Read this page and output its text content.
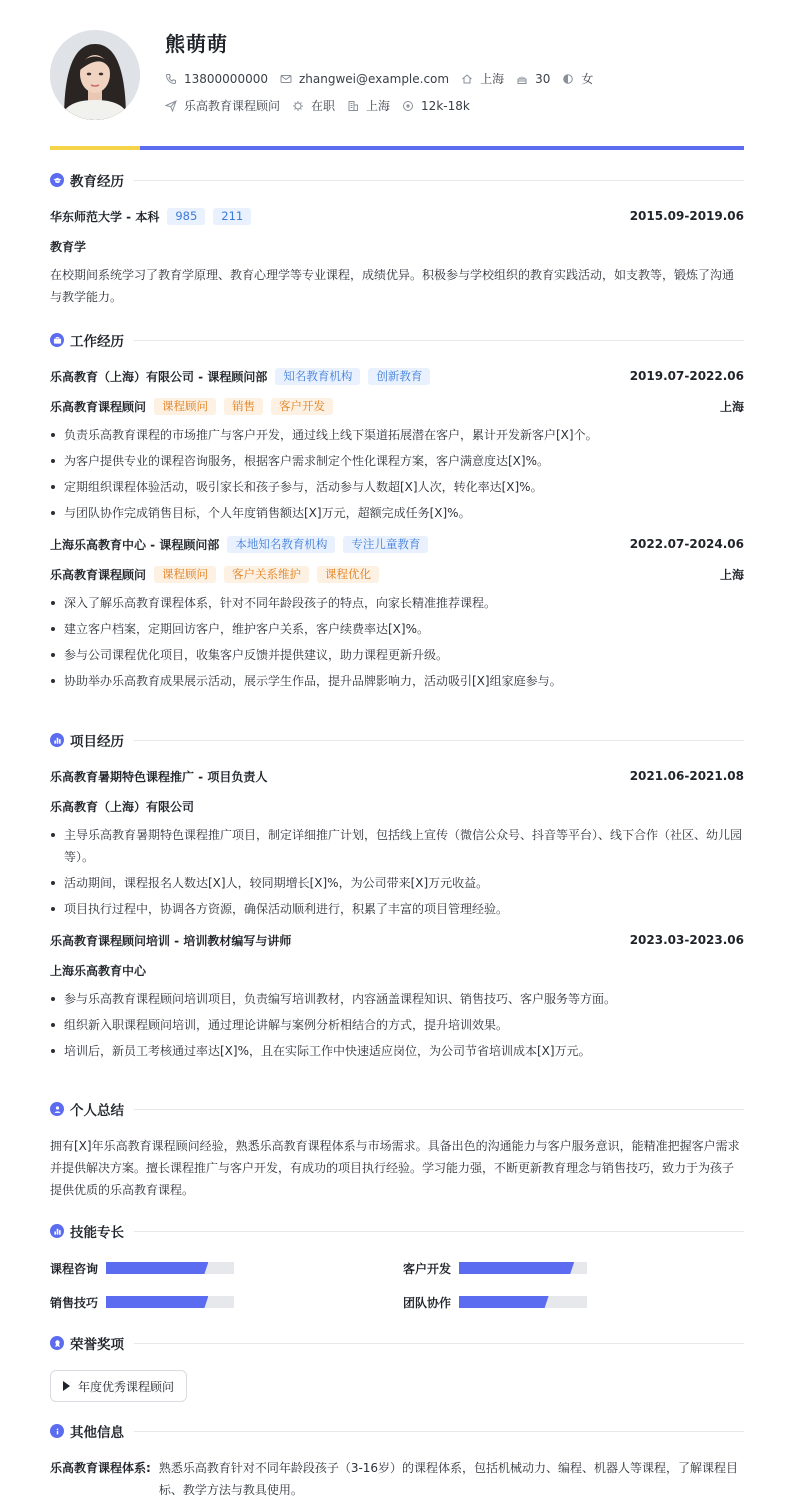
熊萌萌
13800000000	zhangwei@example.com	上海	30	女
乐高教育课程顾问	在职	上海	12k-18k
教育经历
华东师范大学 - 本科	985	211	2015.09-2019.06
教育学
在校期间系统学习了教育学原理、教育心理学等专业课程，成绩优异。积极参与学校组织的教育实践活动，如支教等，锻炼了沟通与教学能力。
工作经历
乐高教育（上海）有限公司 - 课程顾问部	知名教育机构	创新教育	2019.07-2022.06
乐高教育课程顾问	课程顾问	销售	客户开发	上海
负责乐高教育课程的市场推广与客户开发，通过线上线下渠道拓展潜在客户，累计开发新客户[X]个。
为客户提供专业的课程咨询服务，根据客户需求制定个性化课程方案，客户满意度达[X]%。
定期组织课程体验活动，吸引家长和孩子参与，活动参与人数超[X]人次，转化率达[X]%。
与团队协作完成销售目标，个人年度销售额达[X]万元，超额完成任务[X]%。
上海乐高教育中心 - 课程顾问部	本地知名教育机构	专注儿童教育	2022.07-2024.06
乐高教育课程顾问	课程顾问	客户关系维护	课程优化	上海
深入了解乐高教育课程体系，针对不同年龄段孩子的特点，向家长精准推荐课程。
建立客户档案，定期回访客户，维护客户关系，客户续费率达[X]%。
参与公司课程优化项目，收集客户反馈并提供建议，助力课程更新升级。
协助举办乐高教育成果展示活动，展示学生作品，提升品牌影响力，活动吸引[X]组家庭参与。
项目经历
乐高教育暑期特色课程推广 - 项目负责人	2021.06-2021.08
乐高教育（上海）有限公司
主导乐高教育暑期特色课程推广项目，制定详细推广计划，包括线上宣传（微信公众号、抖音等平台）、线下合作（社区、幼儿园等）。
活动期间，课程报名人数达[X]人，较同期增长[X]%，为公司带来[X]万元收益。
项目执行过程中，协调各方资源，确保活动顺利进行，积累了丰富的项目管理经验。
乐高教育课程顾问培训 - 培训教材编写与讲师	2023.03-2023.06
上海乐高教育中心
参与乐高教育课程顾问培训项目，负责编写培训教材，内容涵盖课程知识、销售技巧、客户服务等方面。
组织新入职课程顾问培训，通过理论讲解与案例分析相结合的方式，提升培训效果。
培训后，新员工考核通过率达[X]%，且在实际工作中快速适应岗位，为公司节省培训成本[X]万元。
个人总结
拥有[X]年乐高教育课程顾问经验，熟悉乐高教育课程体系与市场需求。具备出色的沟通能力与客户服务意识，能精准把握客户需求并提供解决方案。擅长课程推广与客户开发，有成功的项目执行经验。学习能力强，不断更新教育理念与销售技巧，致力于为孩子提供优质的乐高教育课程。
技能专长
课程咨询	客户开发
销售技巧	团队协作
荣誉奖项
年度优秀课程顾问
其他信息
乐高教育课程体系: 熟悉乐高教育针对不同年龄段孩子（3-16岁）的课程体系，包括机械动力、编程、机器人等课程，了解课程目标、教学方法与教具使用。
